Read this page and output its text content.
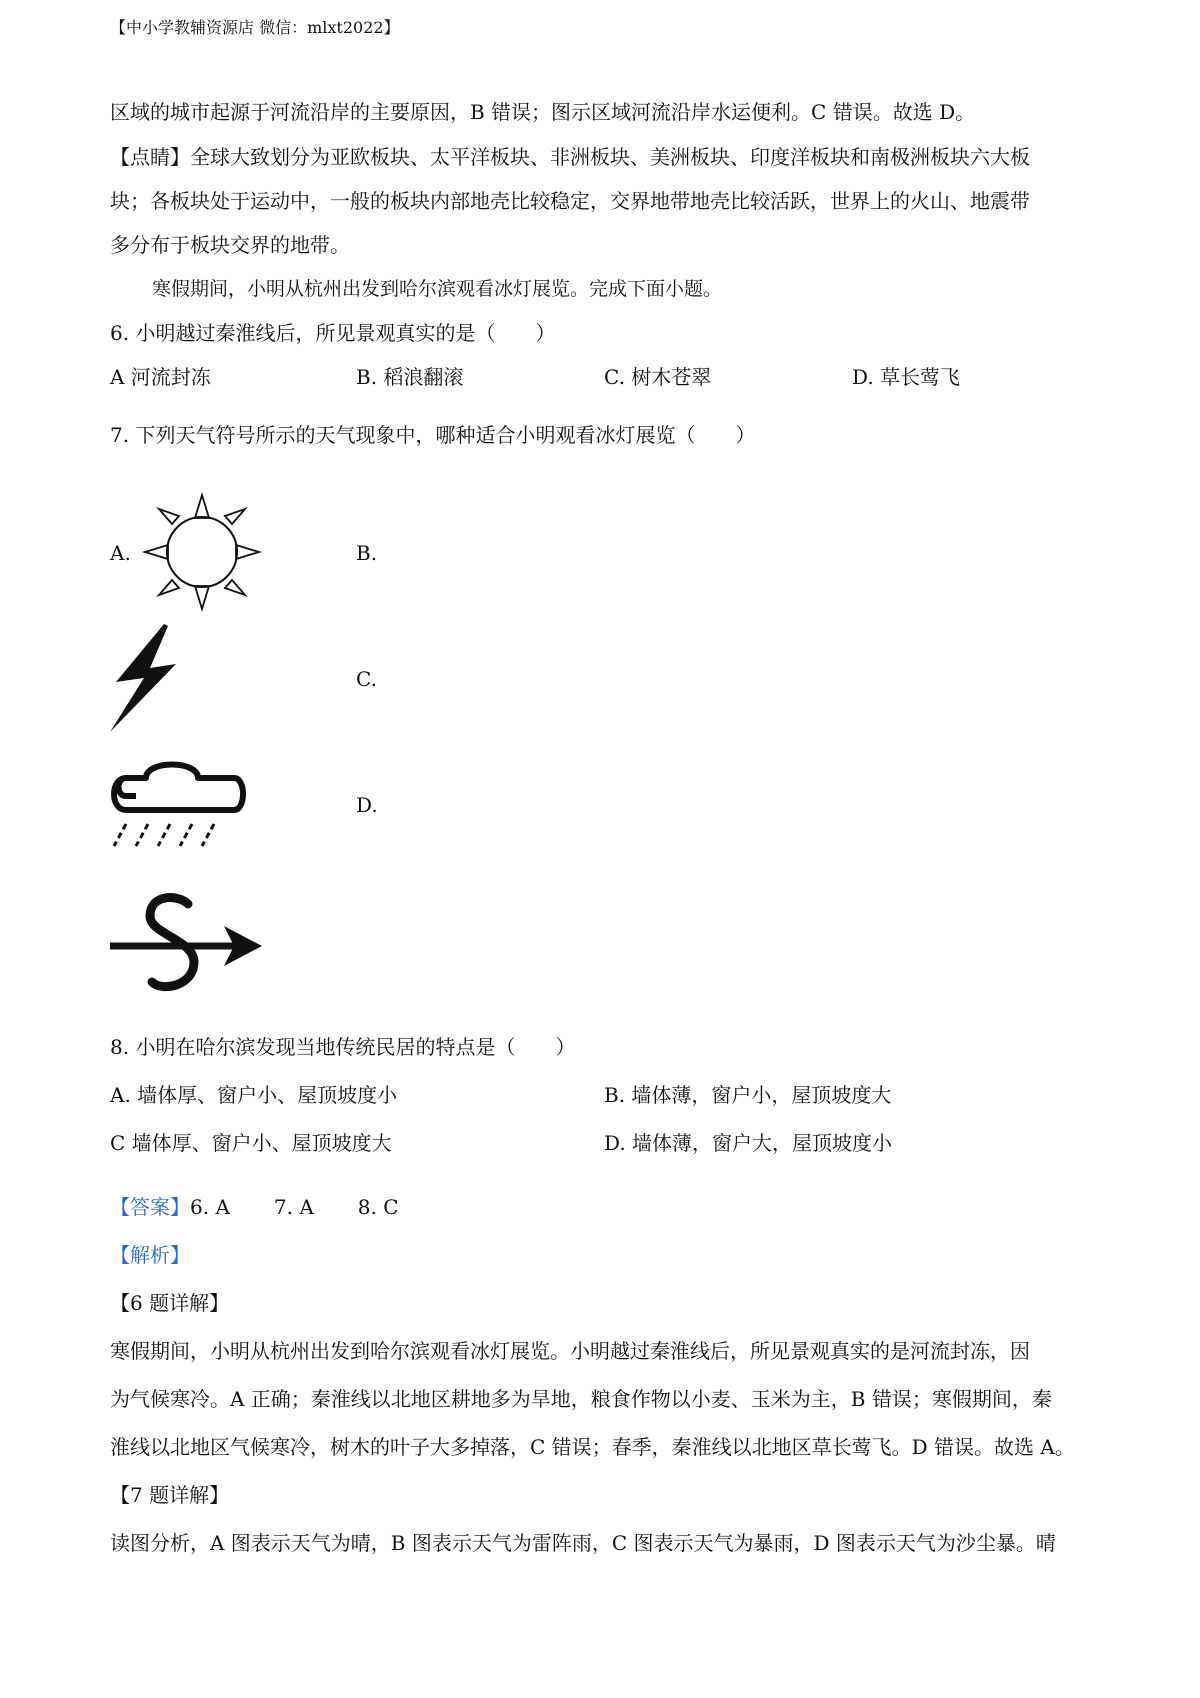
【中小学教辅资源店 微信：mlxt2022】
区域的城市起源于河流沿岸的主要原因，B 错误；图示区域河流沿岸水运便利。C 错误。故选 D。
【点睛】全球大致划分为亚欧板块、太平洋板块、非洲板块、美洲板块、印度洋板块和南极洲板块六大板
块；各板块处于运动中，一般的板块内部地壳比较稳定，交界地带地壳比较活跃，世界上的火山、地震带
多分布于板块交界的地带。
寒假期间，小明从杭州出发到哈尔滨观看冰灯展览。完成下面小题。
6. 小明越过秦淮线后，所见景观真实的是（　　）
A 河流封冻	B. 稻浪翻滚	C. 树木苍翠	D. 草长莺飞
7. 下列天气符号所示的天气现象中，哪种适合小明观看冰灯展览（　　）
A.	B.
C.
D.
8. 小明在哈尔滨发现当地传统民居的特点是（　　）
A. 墙体厚、窗户小、屋顶坡度小	B. 墙体薄，窗户小，屋顶坡度大
C 墙体厚、窗户小、屋顶坡度大	D. 墙体薄，窗户大，屋顶坡度小
【答案】6. A 7. A 8. C
【解析】
【6 题详解】
寒假期间，小明从杭州出发到哈尔滨观看冰灯展览。小明越过秦淮线后，所见景观真实的是河流封冻，因
为气候寒冷。A 正确；秦淮线以北地区耕地多为旱地，粮食作物以小麦、玉米为主，B 错误；寒假期间，秦
淮线以北地区气候寒冷，树木的叶子大多掉落，C 错误；春季，秦淮线以北地区草长莺飞。D 错误。故选 A。
【7 题详解】
读图分析，A 图表示天气为晴，B 图表示天气为雷阵雨，C 图表示天气为暴雨，D 图表示天气为沙尘暴。晴
